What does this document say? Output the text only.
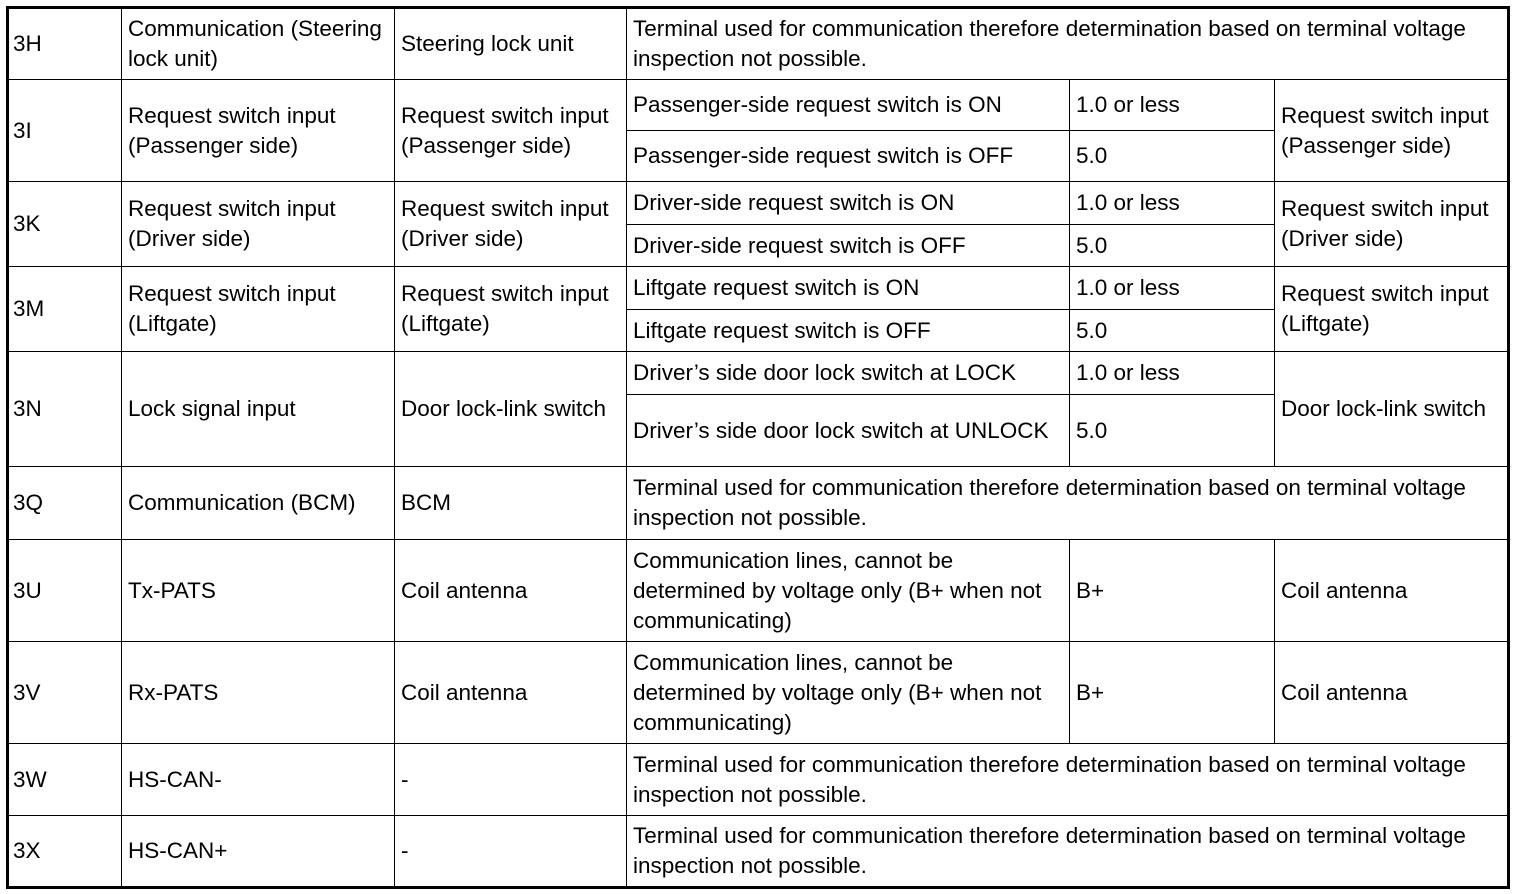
3H	Communication (Steering lock unit)	Steering lock unit	Terminal used for communication therefore determination based on terminal voltage inspection not possible.		
3I	Request switch input (Passenger side)	Request switch input (Passenger side)	Passenger-side request switch is ON	1.0 or less	Request switch input (Passenger side)
			Passenger-side request switch is OFF	5.0	
3K	Request switch input (Driver side)	Request switch input (Driver side)	Driver-side request switch is ON	1.0 or less	Request switch input (Driver side)
			Driver-side request switch is OFF	5.0	
3M	Request switch input (Liftgate)	Request switch input (Liftgate)	Liftgate request switch is ON	1.0 or less	Request switch input (Liftgate)
			Liftgate request switch is OFF	5.0	
3N	Lock signal input	Door lock-link switch	Driver’s side door lock switch at LOCK	1.0 or less	Door lock-link switch
			Driver’s side door lock switch at UNLOCK	5.0	
3Q	Communication (BCM)	BCM	Terminal used for communication therefore determination based on terminal voltage inspection not possible.		
3U	Tx-PATS	Coil antenna	Communication lines, cannot be determined by voltage only (B+ when not communicating)	B+	Coil antenna
3V	Rx-PATS	Coil antenna	Communication lines, cannot be determined by voltage only (B+ when not communicating)	B+	Coil antenna
3W	HS-CAN-	-	Terminal used for communication therefore determination based on terminal voltage inspection not possible.		
3X	HS-CAN+	-	Terminal used for communication therefore determination based on terminal voltage inspection not possible.		
